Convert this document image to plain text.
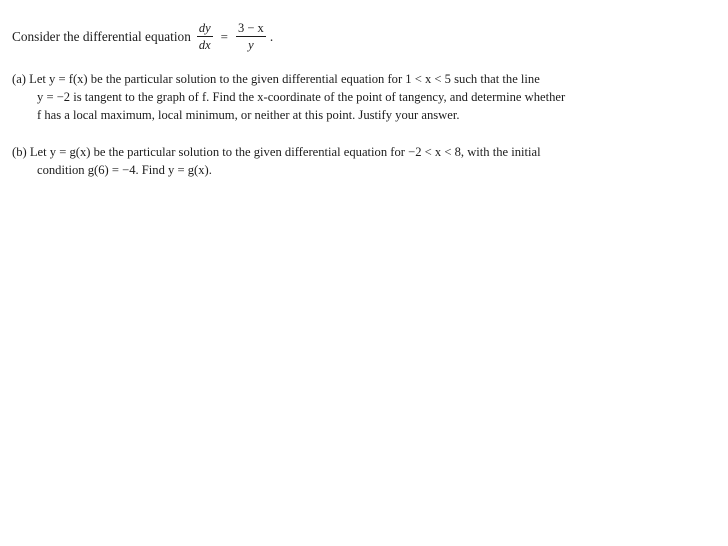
Consider the differential equation $\frac{dy}{dx} = \frac{3 - x}{y}$ .
(a) Let y = f(x) be the particular solution to the given differential equation for 1 < x < 5 such that the line
y = −2 is tangent to the graph of f. Find the x-coordinate of the point of tangency, and determine whether
f has a local maximum, local minimum, or neither at this point. Justify your answer.
(b) Let y = g(x) be the particular solution to the given differential equation for −2 < x < 8, with the initial
condition g(6) = −4. Find y = g(x).
